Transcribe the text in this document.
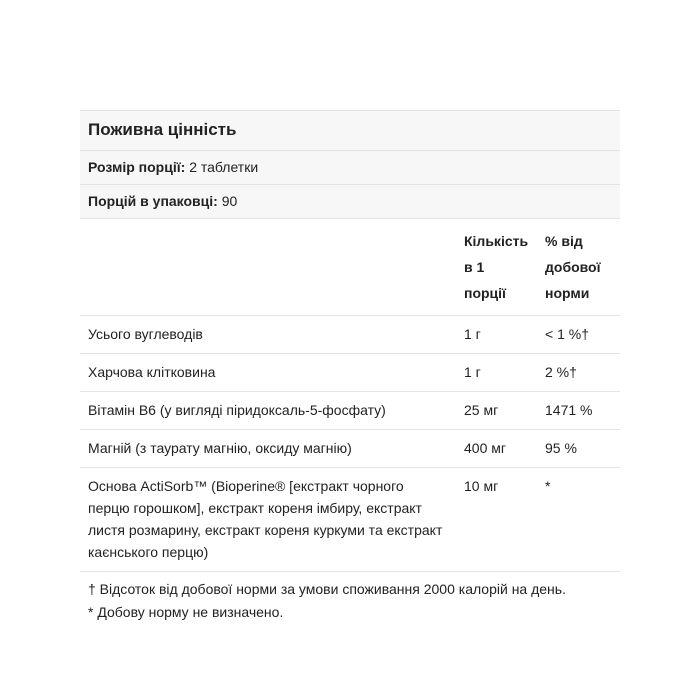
Поживна цінність
Розмір порції: 2 таблетки
Порцій в упаковці: 90
	Кількість в 1 порції	% від добової норми
Усього вуглеводів	1 г	< 1 %†
Харчова клітковина	1 г	2 %†
Вітамін B6 (у вигляді піридоксаль-5-фосфату)	25 мг	1471 %
Магній (з таурату магнію, оксиду магнію)	400 мг	95 %
Основа ActiSorb™ (Bioperine® [екстракт чорного перцю горошком], екстракт кореня імбиру, екстракт листя розмарину, екстракт кореня куркуми та екстракт каєнського перцю)	10 мг	*
† Відсоток від добової норми за умови споживання 2000 калорій на день.
* Добову норму не визначено.
